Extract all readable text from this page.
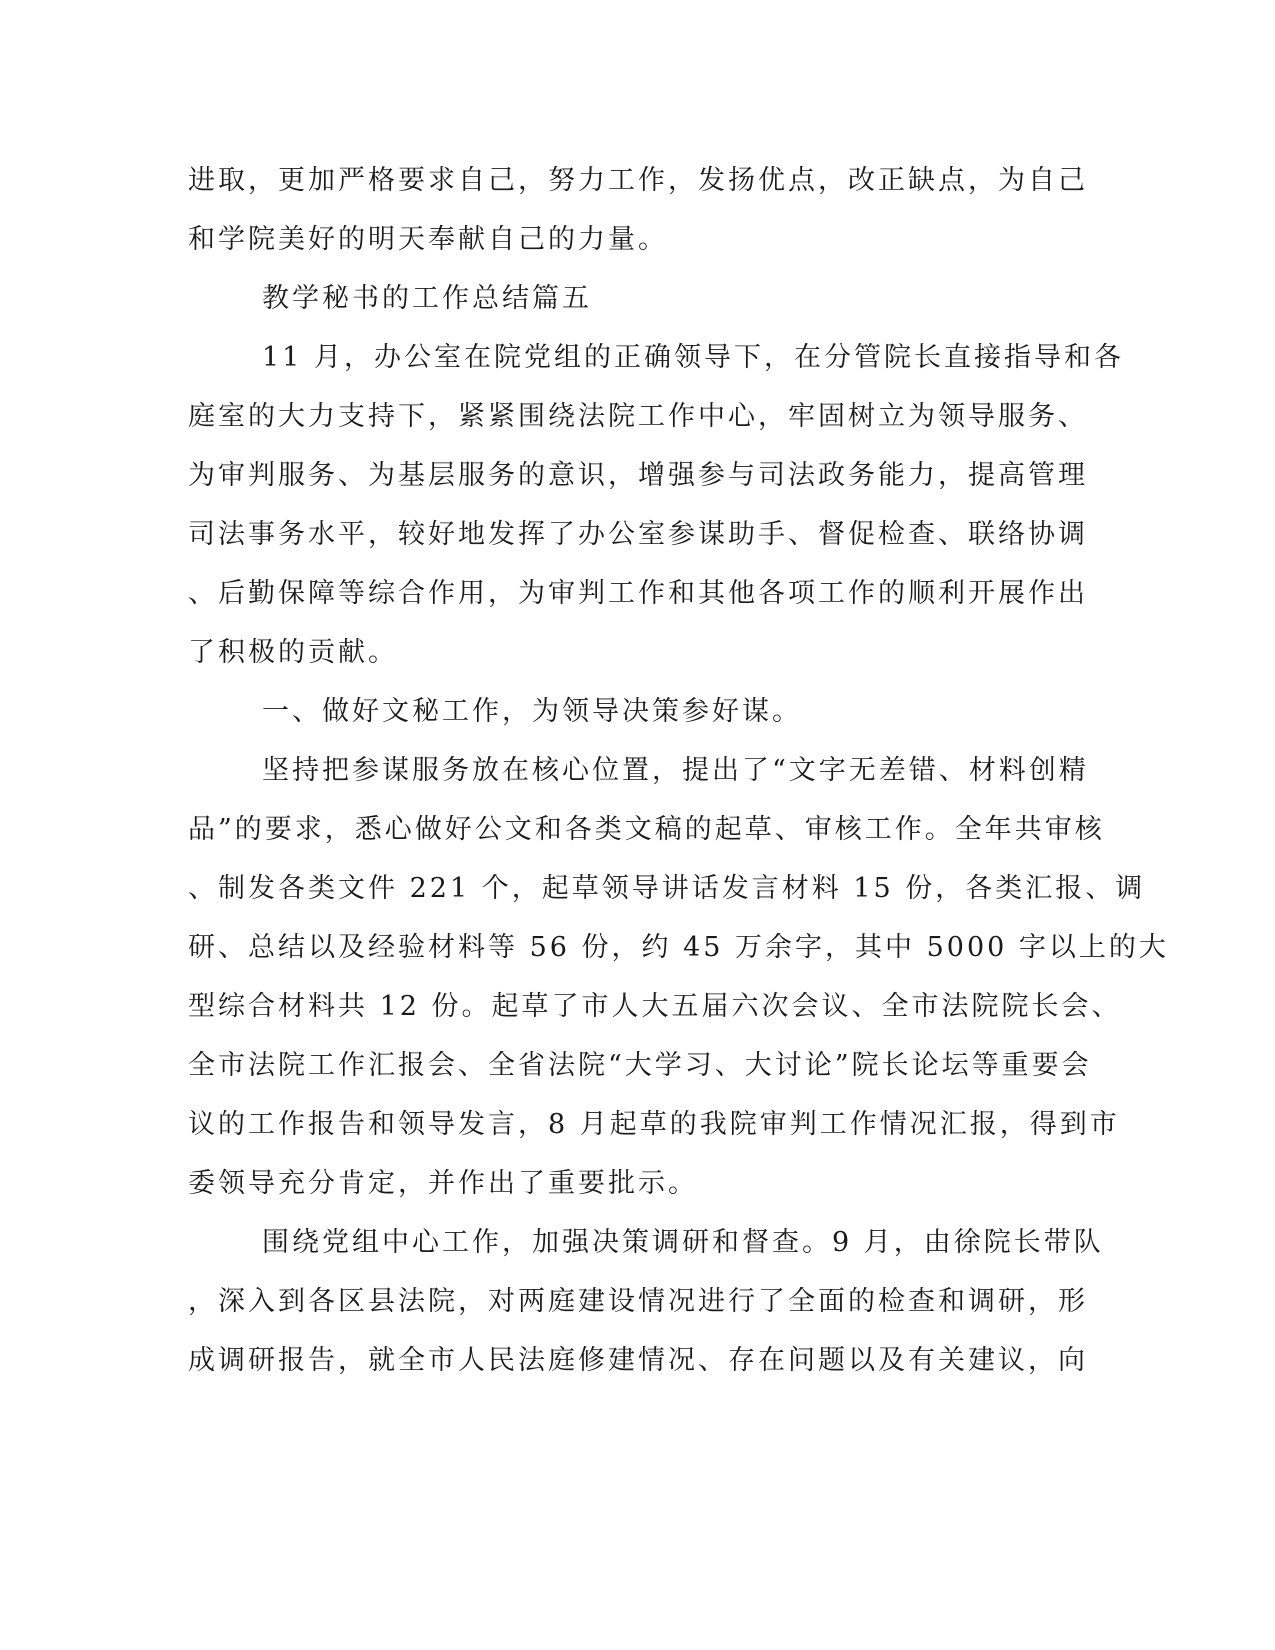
进取，更加严格要求自己，努力工作，发扬优点，改正缺点，为自己
和学院美好的明天奉献自己的力量。
教学秘书的工作总结篇五
11 月，办公室在院党组的正确领导下，在分管院长直接指导和各
庭室的大力支持下，紧紧围绕法院工作中心，牢固树立为领导服务、
为审判服务、为基层服务的意识，增强参与司法政务能力，提高管理
司法事务水平，较好地发挥了办公室参谋助手、督促检查、联络协调
、后勤保障等综合作用，为审判工作和其他各项工作的顺利开展作出
了积极的贡献。
一、做好文秘工作，为领导决策参好谋。
坚持把参谋服务放在核心位置，提出了“文字无差错、材料创精
品”的要求，悉心做好公文和各类文稿的起草、审核工作。全年共审核
、制发各类文件 221 个，起草领导讲话发言材料 15 份，各类汇报、调
研、总结以及经验材料等 56 份，约 45 万余字，其中 5000 字以上的大
型综合材料共 12 份。起草了市人大五届六次会议、全市法院院长会、
全市法院工作汇报会、全省法院“大学习、大讨论”院长论坛等重要会
议的工作报告和领导发言，8 月起草的我院审判工作情况汇报，得到市
委领导充分肯定，并作出了重要批示。
围绕党组中心工作，加强决策调研和督查。9 月，由徐院长带队
，深入到各区县法院，对两庭建设情况进行了全面的检查和调研，形
成调研报告，就全市人民法庭修建情况、存在问题以及有关建议，向
